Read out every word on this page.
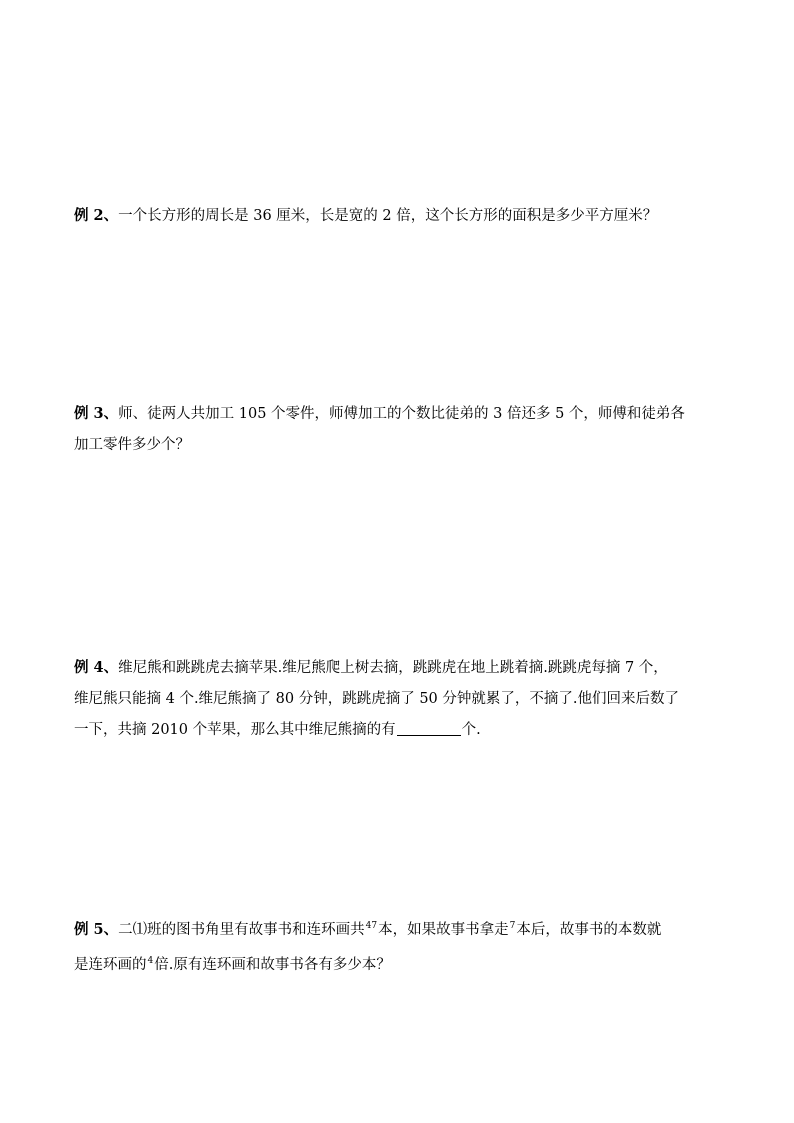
例 2、一个长方形的周长是 36 厘米，长是宽的 2 倍，这个长方形的面积是多少平方厘米？
例 3、师、徒两人共加工 105 个零件，师傅加工的个数比徒弟的 3 倍还多 5 个，师傅和徒弟各
加工零件多少个？
例 4、维尼熊和跳跳虎去摘苹果.维尼熊爬上树去摘，跳跳虎在地上跳着摘.跳跳虎每摘 7 个，
维尼熊只能摘 4 个.维尼熊摘了 80 分钟，跳跳虎摘了 50 分钟就累了，不摘了.他们回来后数了
一下，共摘 2010 个苹果，那么其中维尼熊摘的有	个.
例 5、二⑴班的图书角里有故事书和连环画共$^{47}$本，如果故事书拿走$^7$本后，故事书的本数就
是连环画的$^4$倍.原有连环画和故事书各有多少本？
